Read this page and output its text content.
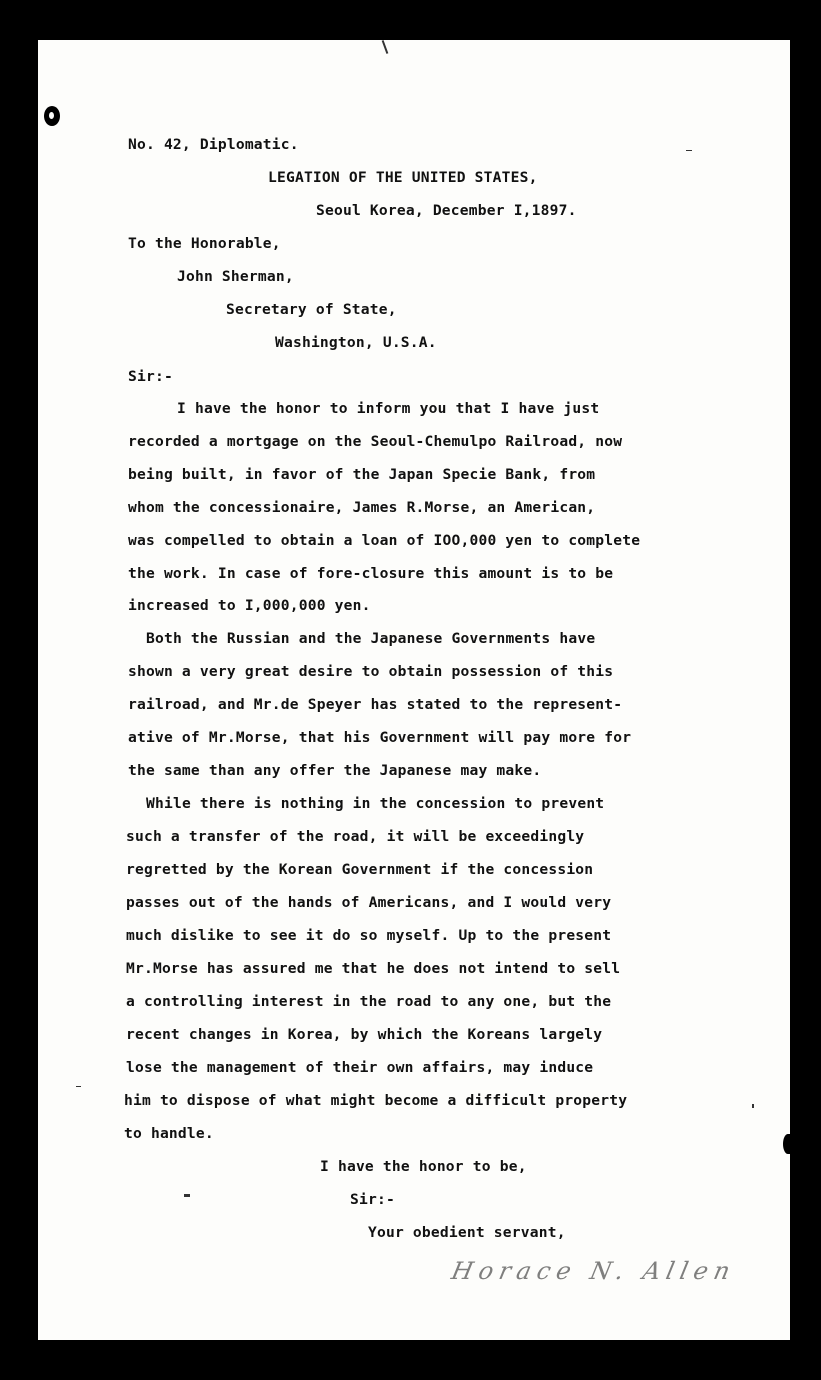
No. 42, Diplomatic.

LEGATION OF THE UNITED STATES,

Seoul Korea, December I,1897.

To the Honorable,

John Sherman,

Secretary of State,

Washington, U.S.A.

Sir:-

I have the honor to inform you that I have just

recorded a mortgage on the Seoul-Chemulpo Railroad, now

being built, in favor of the Japan Specie Bank, from

whom the concessionaire, James R.Morse, an American,

was compelled to obtain a loan of IOO,000 yen to complete

the work. In case of fore-closure this amount is to be

increased to I,000,000 yen.

Both the Russian and the Japanese Governments have

shown a very great desire to obtain possession of this

railroad, and Mr.de Speyer has stated to the represent-

ative of Mr.Morse, that his Government will pay more for

the same than any offer the Japanese may make.

While there is nothing in the concession to prevent

such a transfer of the road, it will be exceedingly

regretted by the Korean Government if the concession

passes out of the hands of Americans, and I would very

much dislike to see it do so myself. Up to the present

Mr.Morse has assured me that he does not intend to sell

a controlling interest in the road to any one, but the

recent changes in Korea, by which the Koreans largely

lose the management of their own affairs, may induce

him to dispose of what might become a difficult property

to handle.

I have the honor to be,

Sir:-

Your obedient servant,

Horace N. Allen
